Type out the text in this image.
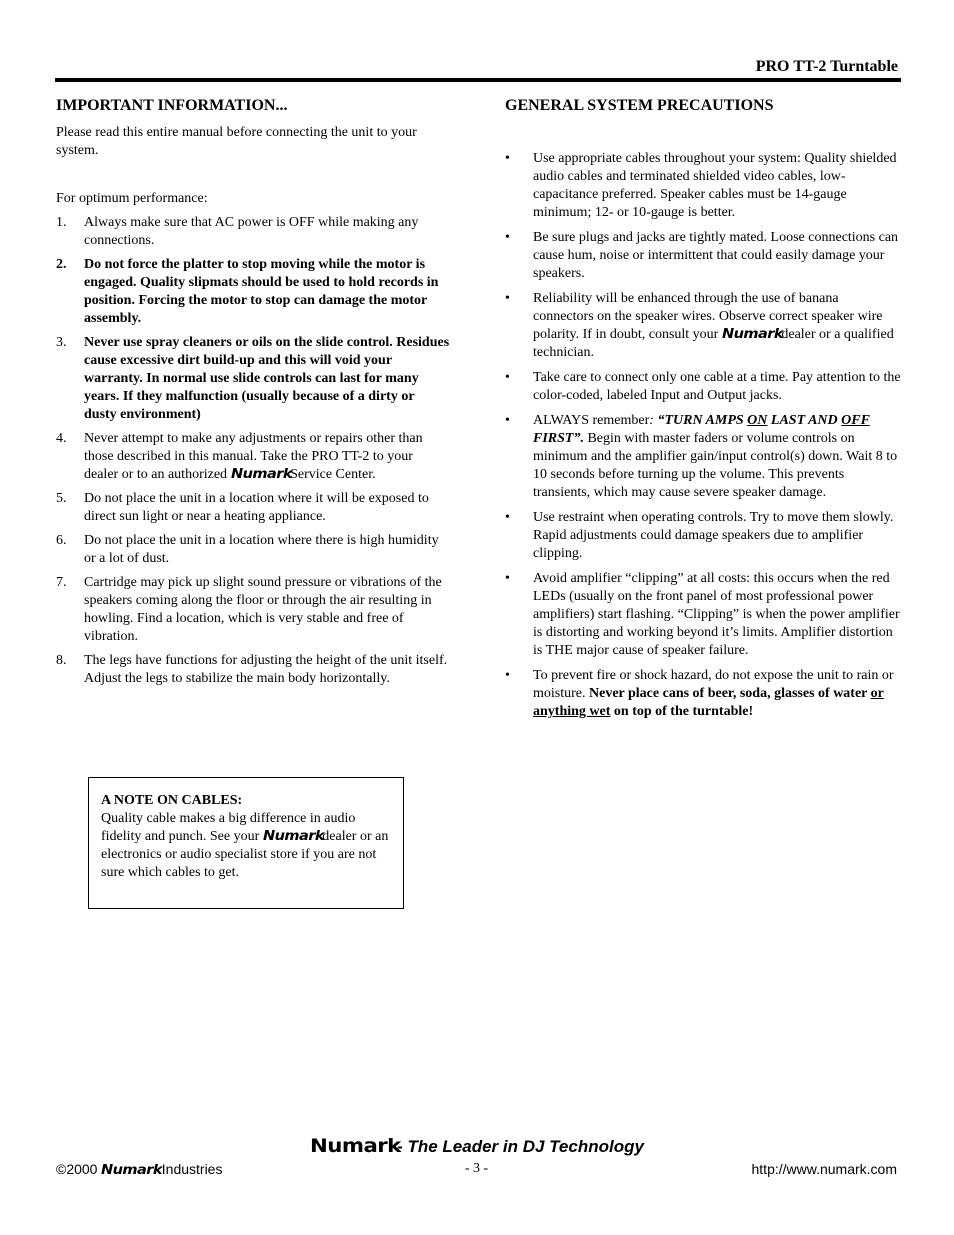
PRO TT-2 Turntable
IMPORTANT INFORMATION...

Please read this entire manual before connecting the unit to your system.

For optimum performance:

1. Always make sure that AC power is OFF while making any connections.
2. Do not force the platter to stop moving while the motor is engaged. Quality slipmats should be used to hold records in position. Forcing the motor to stop can damage the motor assembly.
3. Never use spray cleaners or oils on the slide control. Residues cause excessive dirt build-up and this will void your warranty. In normal use slide controls can last for many years. If they malfunction (usually because of a dirty or dusty environment)
4. Never attempt to make any adjustments or repairs other than those described in this manual. Take the PRO TT-2 to your dealer or to an authorized NumarkService Center.
5. Do not place the unit in a location where it will be exposed to direct sun light or near a heating appliance.
6. Do not place the unit in a location where there is high humidity or a lot of dust.
7. Cartridge may pick up slight sound pressure or vibrations of the speakers coming along the floor or through the air resulting in howling. Find a location, which is very stable and free of vibration.
8. The legs have functions for adjusting the height of the unit itself. Adjust the legs to stabilize the main body horizontally.
A NOTE ON CABLES:
Quality cable makes a big difference in audio fidelity and punch. See your Numarkdealer or an electronics or audio specialist store if you are not sure which cables to get.
GENERAL SYSTEM PRECAUTIONS
• Use appropriate cables throughout your system: Quality shielded audio cables and terminated shielded video cables, low-capacitance preferred. Speaker cables must be 14-gauge minimum; 12- or 10-gauge is better.
• Be sure plugs and jacks are tightly mated. Loose connections can cause hum, noise or intermittent that could easily damage your speakers.
• Reliability will be enhanced through the use of banana connectors on the speaker wires. Observe correct speaker wire polarity. If in doubt, consult your Numarkdealer or a qualified technician.
• Take care to connect only one cable at a time. Pay attention to the color-coded, labeled Input and Output jacks.
• ALWAYS remember: “TURN AMPS ON LAST AND OFF FIRST”. Begin with master faders or volume controls on minimum and the amplifier gain/input control(s) down. Wait 8 to 10 seconds before turning up the volume. This prevents transients, which may cause severe speaker damage.
• Use restraint when operating controls. Try to move them slowly. Rapid adjustments could damage speakers due to amplifier clipping.
• Avoid amplifier “clipping” at all costs: this occurs when the red LEDs (usually on the front panel of most professional power amplifiers) start flashing. “Clipping” is when the power amplifier is distorting and working beyond it’s limits. Amplifier distortion is THE major cause of speaker failure.
• To prevent fire or shock hazard, do not expose the unit to rain or moisture. Never place cans of beer, soda, glasses of water or anything wet on top of the turntable!
Numark- The Leader in DJ Technology
©2000 Numark Industries	- 3 -	http://www.numark.com
